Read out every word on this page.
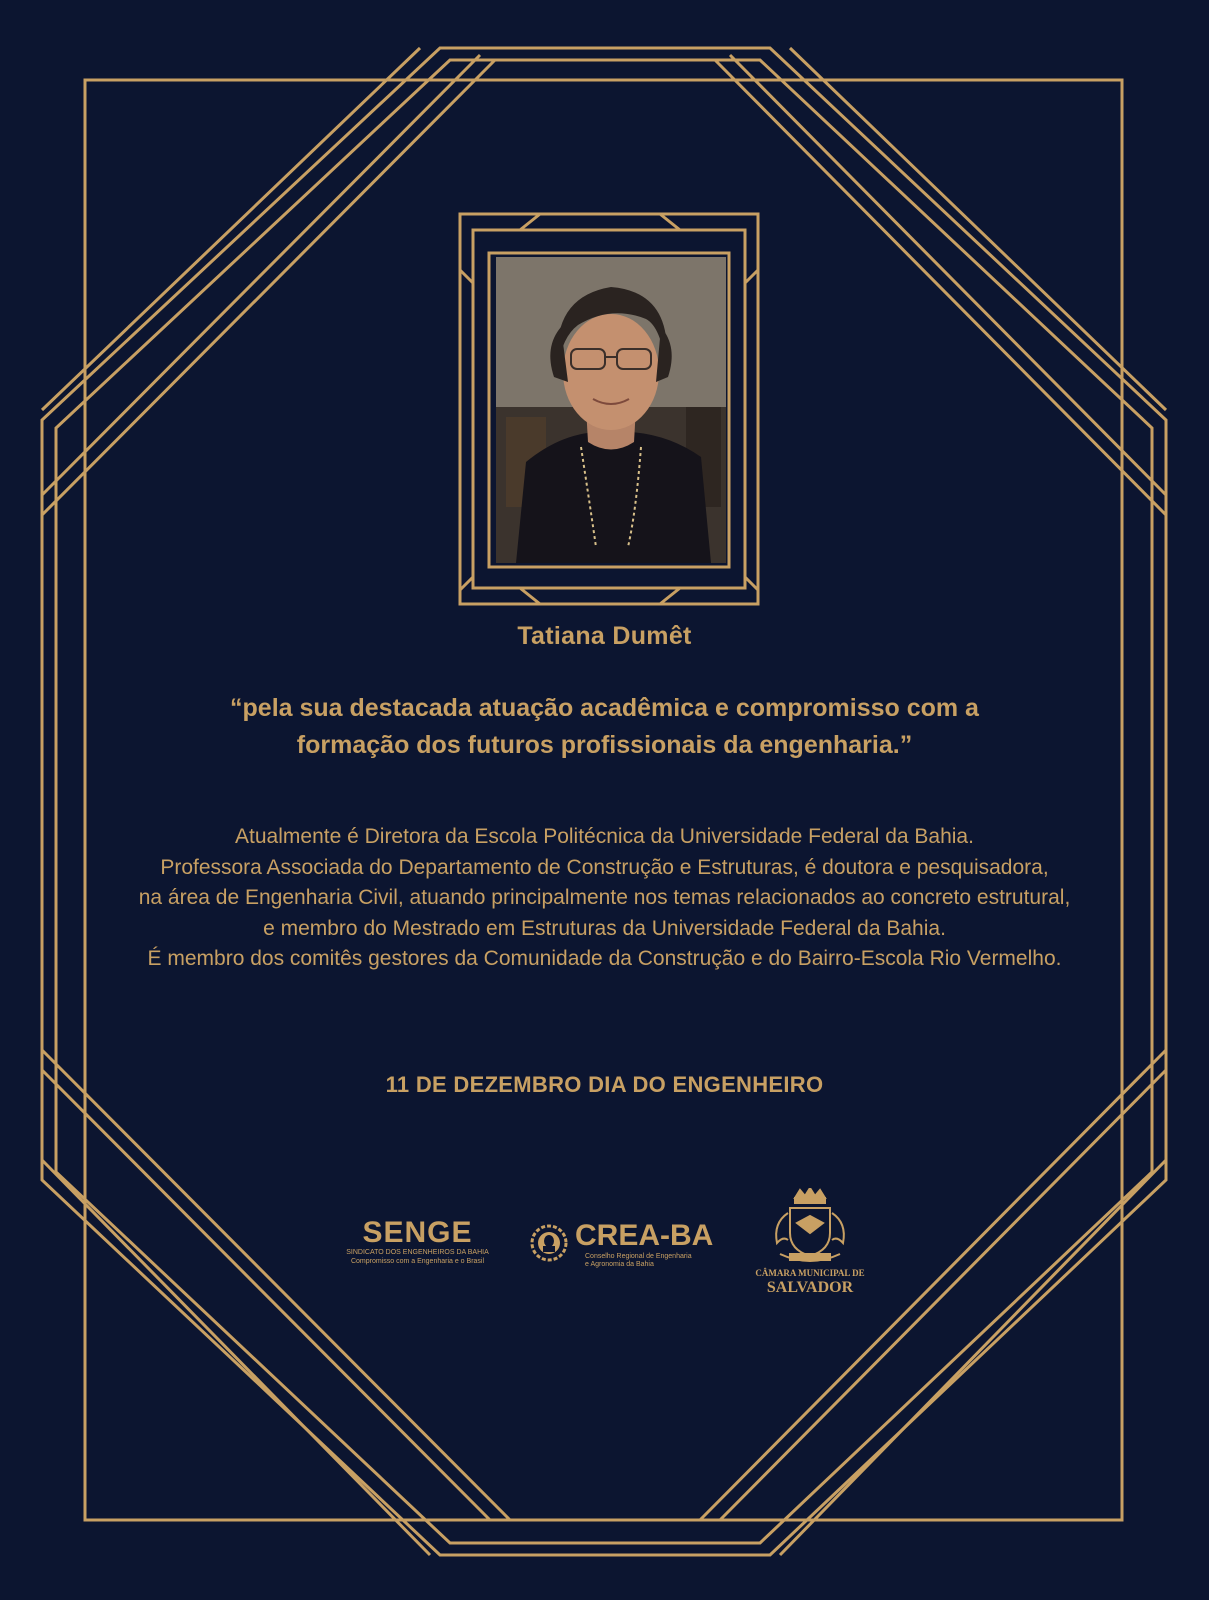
Tatiana Dumêt
“pela sua destacada atuação acadêmica e compromisso com a
formação dos futuros profissionais da engenharia.”
Atualmente é Diretora da Escola Politécnica da Universidade Federal da Bahia.
Professora Associada do Departamento de Construção e Estruturas, é doutora e pesquisadora,
na área de Engenharia Civil, atuando principalmente nos temas relacionados ao concreto estrutural,
e membro do Mestrado em Estruturas da Universidade Federal da Bahia.
É membro dos comitês gestores da Comunidade da Construção e do Bairro-Escola Rio Vermelho.
11 DE DEZEMBRO DIA DO ENGENHEIRO
SENGE
SINDICATO DOS ENGENHEIROS DA BAHIA
Compromisso com a Engenharia e o Brasil
CREA-BA
Conselho Regional de Engenharia
e Agronomia da Bahia
CÂMARA MUNICIPAL DE
SALVADOR
